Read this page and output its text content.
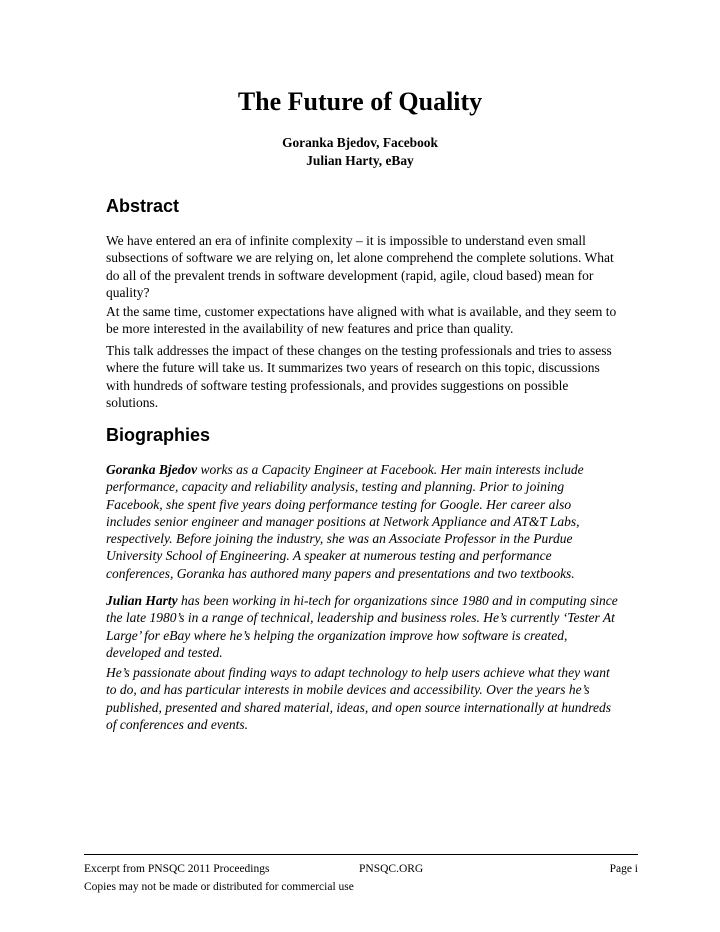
The Future of Quality
Goranka Bjedov, Facebook
Julian Harty, eBay
Abstract

We have entered an era of infinite complexity – it is impossible to understand even small subsections of software we are relying on, let alone comprehend the complete solutions. What do all of the prevalent trends in software development (rapid, agile, cloud based) mean for quality?

At the same time, customer expectations have aligned with what is available, and they seem to be more interested in the availability of new features and price than quality.

This talk addresses the impact of these changes on the testing professionals and tries to assess where the future will take us. It summarizes two years of research on this topic, discussions with hundreds of software testing professionals, and provides suggestions on possible solutions.

Biographies

Goranka Bjedov works as a Capacity Engineer at Facebook. Her main interests include performance, capacity and reliability analysis, testing and planning. Prior to joining Facebook, she spent five years doing performance testing for Google. Her career also includes senior engineer and manager positions at Network Appliance and AT&T Labs, respectively. Before joining the industry, she was an Associate Professor in the Purdue University School of Engineering. A speaker at numerous testing and performance conferences, Goranka has authored many papers and presentations and two textbooks.

Julian Harty has been working in hi-tech for organizations since 1980 and in computing since the late 1980’s in a range of technical, leadership and business roles. He’s currently ‘Tester At Large’ for eBay where he’s helping the organization improve how software is created, developed and tested.

He’s passionate about finding ways to adapt technology to help users achieve what they want to do, and has particular interests in mobile devices and accessibility. Over the years he’s published, presented and shared material, ideas, and open source internationally at hundreds of conferences and events.

Excerpt from PNSQC 2011 Proceedings	PNSQC.ORG	Page i
Copies may not be made or distributed for commercial use
